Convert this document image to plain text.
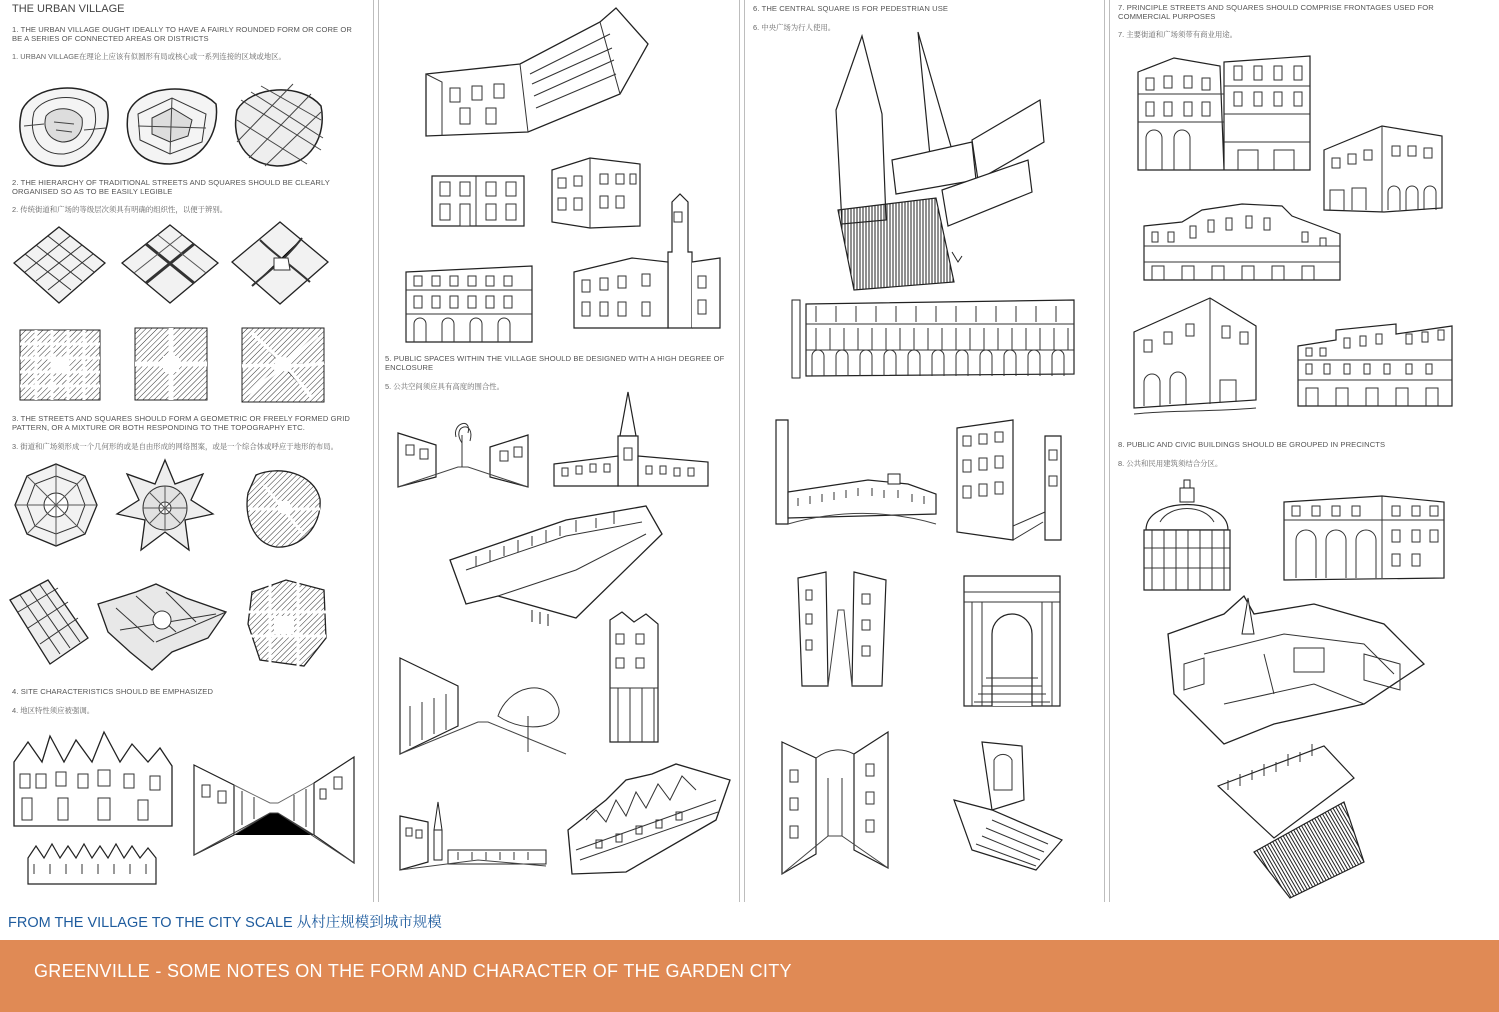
THE URBAN VILLAGE
1. THE URBAN VILLAGE OUGHT IDEALLY TO HAVE A FAIRLY ROUNDED FORM OR CORE OR BE A SERIES OF CONNECTED AREAS OR DISTRICTS
1. URBAN VILLAGE在理论上应该有似圆形有局或核心或一系列连接的区域或地区。
2. THE HIERARCHY OF TRADITIONAL STREETS AND SQUARES SHOULD BE CLEARLY ORGANISED SO AS TO BE EASILY LEGIBLE
2. 传统街道和广场的等级层次须具有明确的组织性，以便于辨别。
3. THE STREETS AND SQUARES SHOULD FORM A GEOMETRIC OR FREELY FORMED GRID PATTERN, OR A MIXTURE OR BOTH RESPONDING TO THE TOPOGRAPHY ETC.
3. 街道和广场须形成一个几何形的或是自由形成的网络图案，或是一个综合体或呼应于地形的布局。
4. SITE CHARACTERISTICS SHOULD BE EMPHASIZED
4. 地区特性须应被强调。
5. PUBLIC SPACES WITHIN THE VILLAGE SHOULD BE DESIGNED WITH A HIGH DEGREE OF ENCLOSURE
5. 公共空间须应具有高度的围合性。
6. THE CENTRAL SQUARE IS FOR PEDESTRIAN USE
6. 中央广场为行人使用。
7. PRINCIPLE STREETS AND SQUARES SHOULD COMPRISE FRONTAGES USED FOR COMMERCIAL PURPOSES
7. 主要街道和广场须带有商业用途。
8. PUBLIC AND CIVIC BUILDINGS SHOULD BE GROUPED IN PRECINCTS
8. 公共和民用建筑须结合分区。
FROM THE VILLAGE TO THE CITY SCALE 从村庄规模到城市规模
GREENVILLE - SOME NOTES ON THE FORM AND CHARACTER OF THE GARDEN CITY
